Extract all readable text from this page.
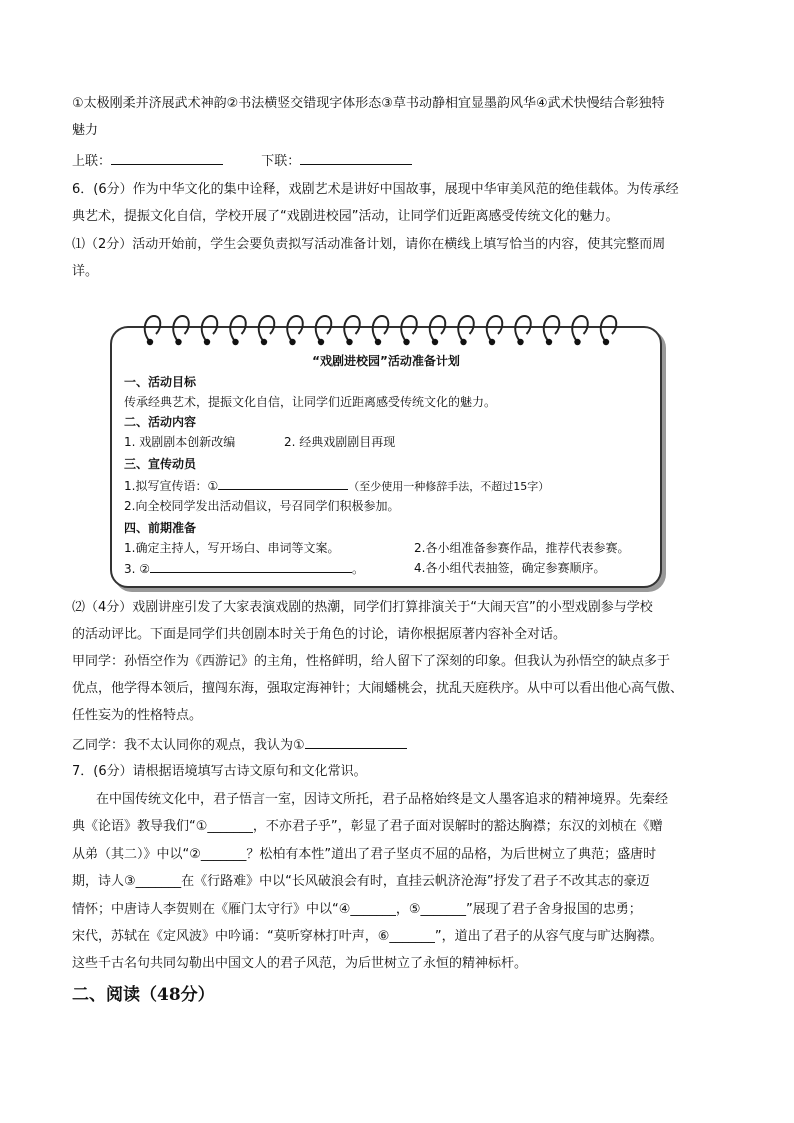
①太极刚柔并济展武术神韵②书法横竖交错现字体形态③草书动静相宜显墨韵风华④武术快慢结合彰独特
魅力
上联：	下联：
6．(6分）作为中华文化的集中诠释，戏剧艺术是讲好中国故事，展现中华审美风范的绝佳载体。为传承经
典艺术，提振文化自信，学校开展了“戏剧进校园”活动，让同学们近距离感受传统文化的魅力。
⑴（2分）活动开始前，学生会要负责拟写活动准备计划，请你在横线上填写恰当的内容，使其完整而周
详。
“戏剧进校园”活动准备计划
一、活动目标
传承经典艺术，提振文化自信，让同学们近距离感受传统文化的魅力。
二、活动内容
1. 戏剧剧本创新改编	2. 经典戏剧剧目再现
三、宣传动员
1.拟写宣传语：①	（至少使用一种修辞手法，不超过15字）
2.向全校同学发出活动倡议，号召同学们积极参加。
四、前期准备
1.确定主持人，写开场白、串词等文案。	2.各小组准备参赛作品，推荐代表参赛。
3. ②	。	4.各小组代表抽签，确定参赛顺序。
⑵（4分）戏剧讲座引发了大家表演戏剧的热潮，同学们打算排演关于“大闹天宫”的小型戏剧参与学校
的活动评比。下面是同学们共创剧本时关于角色的讨论，请你根据原著内容补全对话。
甲同学：孙悟空作为《西游记》的主角，性格鲜明，给人留下了深刻的印象。但我认为孙悟空的缺点多于
优点，他学得本领后，擅闯东海，强取定海神针；大闹蟠桃会，扰乱天庭秩序。从中可以看出他心高气傲、
任性妄为的性格特点。
乙同学：我不太认同你的观点，我认为①
7．(6分）请根据语境填写古诗文原句和文化常识。
在中国传统文化中，君子悟言一室，因诗文所托，君子品格始终是文人墨客追求的精神境界。先秦经
典《论语》教导我们“①_______，不亦君子乎”，彰显了君子面对误解时的豁达胸襟；东汉的刘桢在《赠
从弟（其二）》中以“②_______？松柏有本性”道出了君子坚贞不屈的品格，为后世树立了典范；盛唐时
期，诗人③_______在《行路难》中以“长风破浪会有时，直挂云帆济沧海”抒发了君子不改其志的豪迈
情怀；中唐诗人李贺则在《雁门太守行》中以“④_______，⑤_______”展现了君子舍身报国的忠勇；
宋代，苏轼在《定风波》中吟诵：“莫听穿林打叶声，⑥_______”，道出了君子的从容气度与旷达胸襟。
这些千古名句共同勾勒出中国文人的君子风范，为后世树立了永恒的精神标杆。
二、阅读（48分）
